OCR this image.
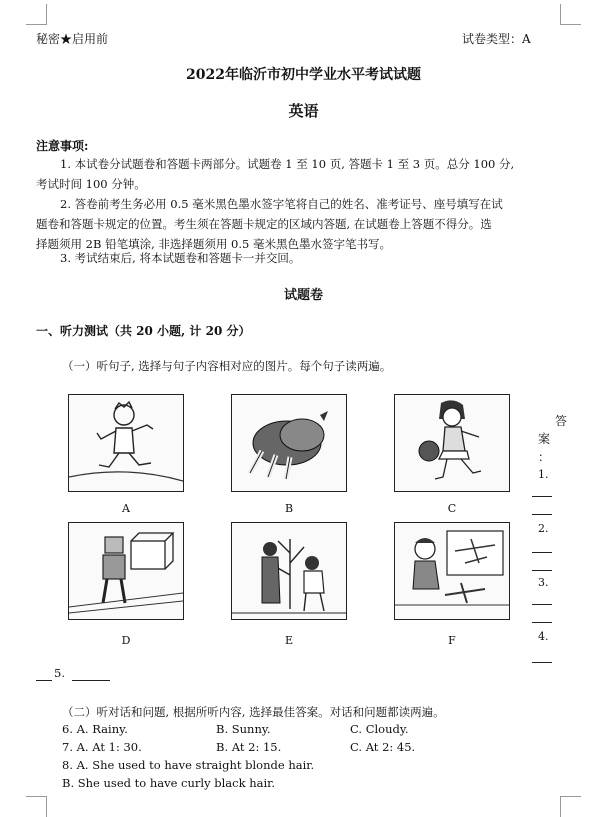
秘密★启用前	试卷类型：A
2022年临沂市初中学业水平考试试题
英语
注意事项:
1. 本试卷分试题卷和答题卡两部分。试题卷 1 至 10 页, 答题卡 1 至 3 页。总分 100 分,
考试时间 100 分钟。
2. 答卷前考生务必用 0.5 毫米黑色墨水签字笔将自己的姓名、准考证号、座号填写在试
题卷和答题卡规定的位置。考生须在答题卡规定的区域内答题, 在试题卷上答题不得分。选
择题须用 2B 铅笔填涂, 非选择题须用 0.5 毫米黑色墨水签字笔书写。
3. 考试结束后, 将本试题卷和答题卡一并交回。
试题卷
一、听力测试（共 20 小题, 计 20 分）
（一）听句子, 选择与句子内容相对应的图片。每个句子读两遍。
A	B	C
D	E	F
答
案
：
1.
2.
3.
4.
5.
（二）听对话和问题, 根据所听内容, 选择最佳答案。对话和问题都读两遍。
6. A. Rainy.	B. Sunny.	C. Cloudy.
7. A. At 1: 30.	B. At 2: 15.	C. At 2: 45.
8. A. She used to have straight blonde hair.
B. She used to have curly black hair.
